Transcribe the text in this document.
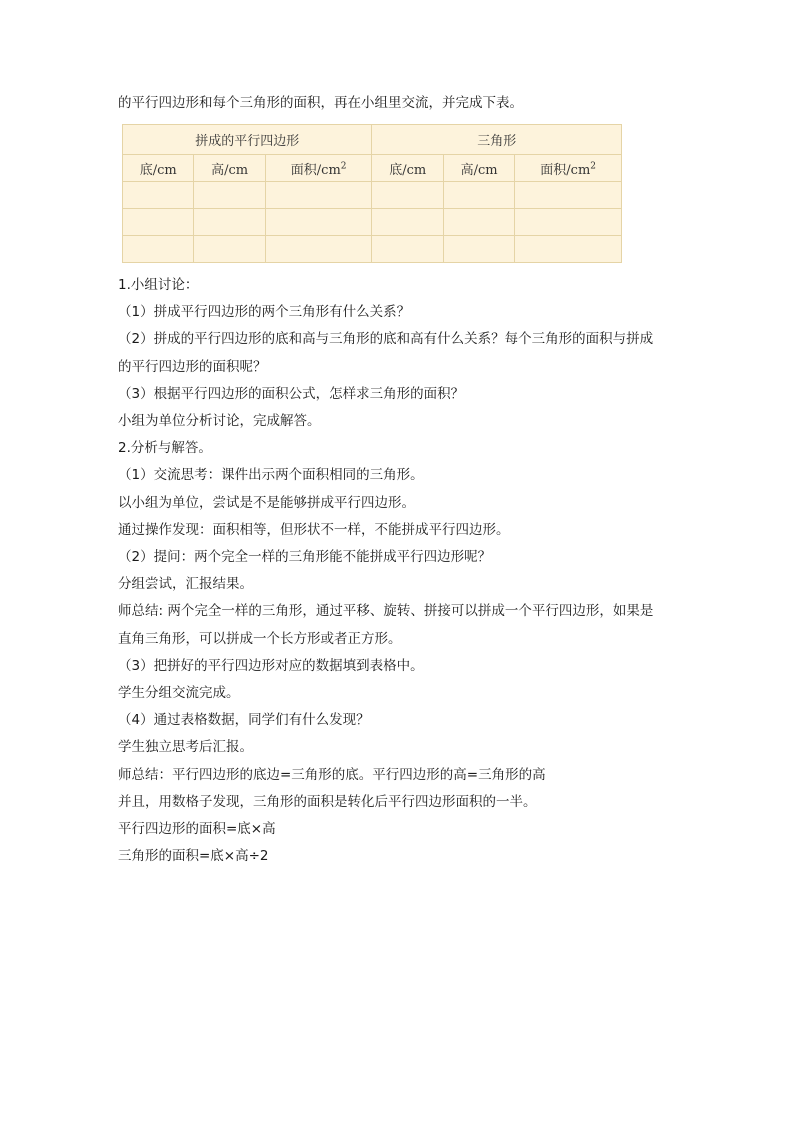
的平行四边形和每个三角形的面积，再在小组里交流，并完成下表。
拼成的平行四边形			三角形		
底/cm	高/cm	面积$/cm^2$	底/cm	高/cm	面积$/cm^2$

1.小组讨论：

（1）拼成平行四边形的两个三角形有什么关系？

（2）拼成的平行四边形的底和高与三角形的底和高有什么关系？每个三角形的面积与拼成

的平行四边形的面积呢？

（3）根据平行四边形的面积公式，怎样求三角形的面积？

小组为单位分析讨论，完成解答。

2.分析与解答。

（1）交流思考：课件出示两个面积相同的三角形。

以小组为单位，尝试是不是能够拼成平行四边形。

通过操作发现：面积相等，但形状不一样，不能拼成平行四边形。

（2）提问：两个完全一样的三角形能不能拼成平行四边形呢？

分组尝试，汇报结果。

师总结: 两个完全一样的三角形，通过平移、旋转、拼接可以拼成一个平行四边形，如果是

直角三角形，可以拼成一个长方形或者正方形。

（3）把拼好的平行四边形对应的数据填到表格中。

学生分组交流完成。

（4）通过表格数据，同学们有什么发现？

学生独立思考后汇报。

师总结：平行四边形的底边=三角形的底。平行四边形的高=三角形的高

并且，用数格子发现，三角形的面积是转化后平行四边形面积的一半。

平行四边形的面积=底×高

三角形的面积=底×高÷2
